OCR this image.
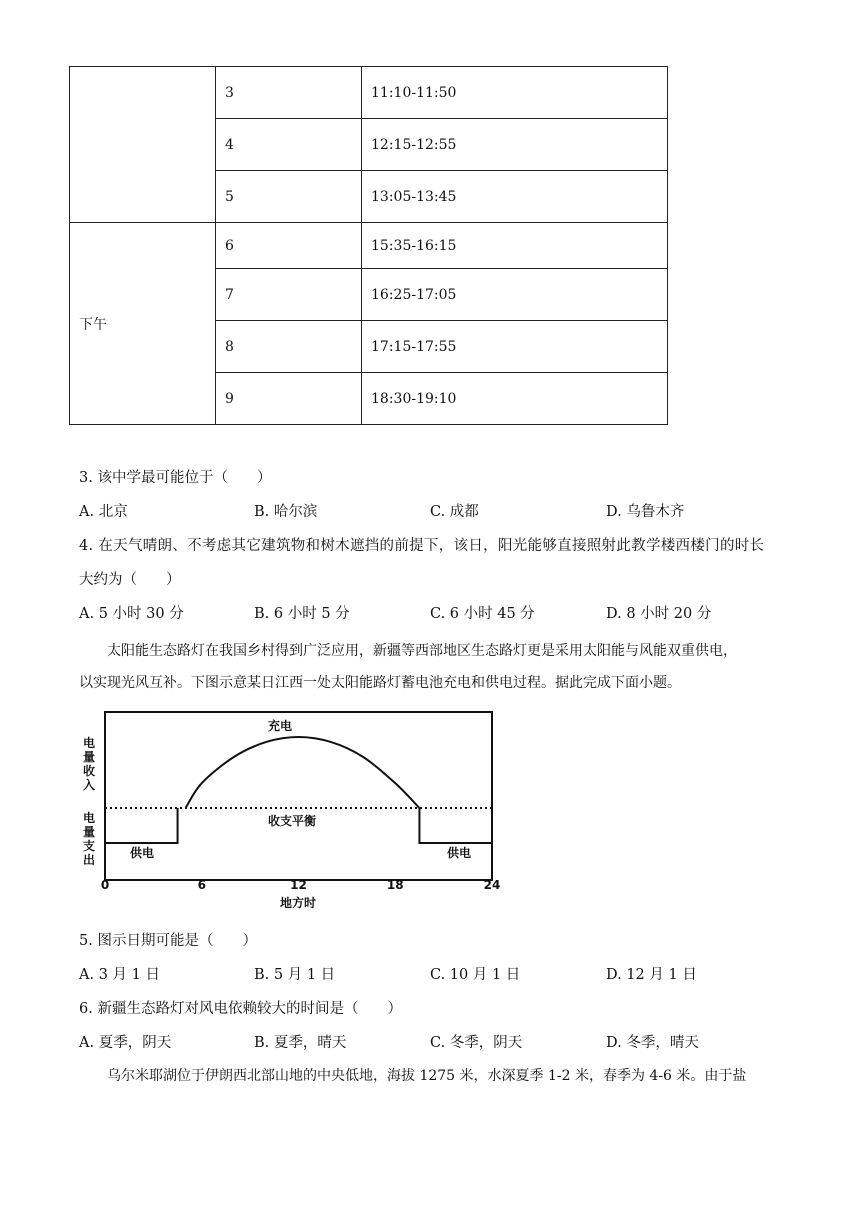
	3	11:10-11:50
	4	12:15-12:55
	5	13:05-13:45
下午	6	15:35-16:15
	7	16:25-17:05
	8	17:15-17:55
	9	18:30-19:10
3. 该中学最可能位于（　　）
A. 北京	B. 哈尔滨	C. 成都	D. 乌鲁木齐
4. 在天气晴朗、不考虑其它建筑物和树木遮挡的前提下，该日，阳光能够直接照射此教学楼西楼门的时长
大约为（　　）
A. 5 小时 30 分	B. 6 小时 5 分	C. 6 小时 45 分	D. 8 小时 20 分
太阳能生态路灯在我国乡村得到广泛应用，新疆等西部地区生态路灯更是采用太阳能与风能双重供电，
以实现光风互补。下图示意某日江西一处太阳能路灯蓄电池充电和供电过程。据此完成下面小题。
充电
收支平衡
供电	供电
电
量
收
入
电
量
支
出
0	6	12	18	24
地方时
5. 图示日期可能是（　　）
A. 3 月 1 日	B. 5 月 1 日	C. 10 月 1 日	D. 12 月 1 日
6. 新疆生态路灯对风电依赖较大的时间是（　　）
A. 夏季，阴天	B. 夏季，晴天	C. 冬季，阴天	D. 冬季，晴天
乌尔米耶湖位于伊朗西北部山地的中央低地，海拔 1275 米，水深夏季 1-2 米，春季为 4-6 米。由于盐
